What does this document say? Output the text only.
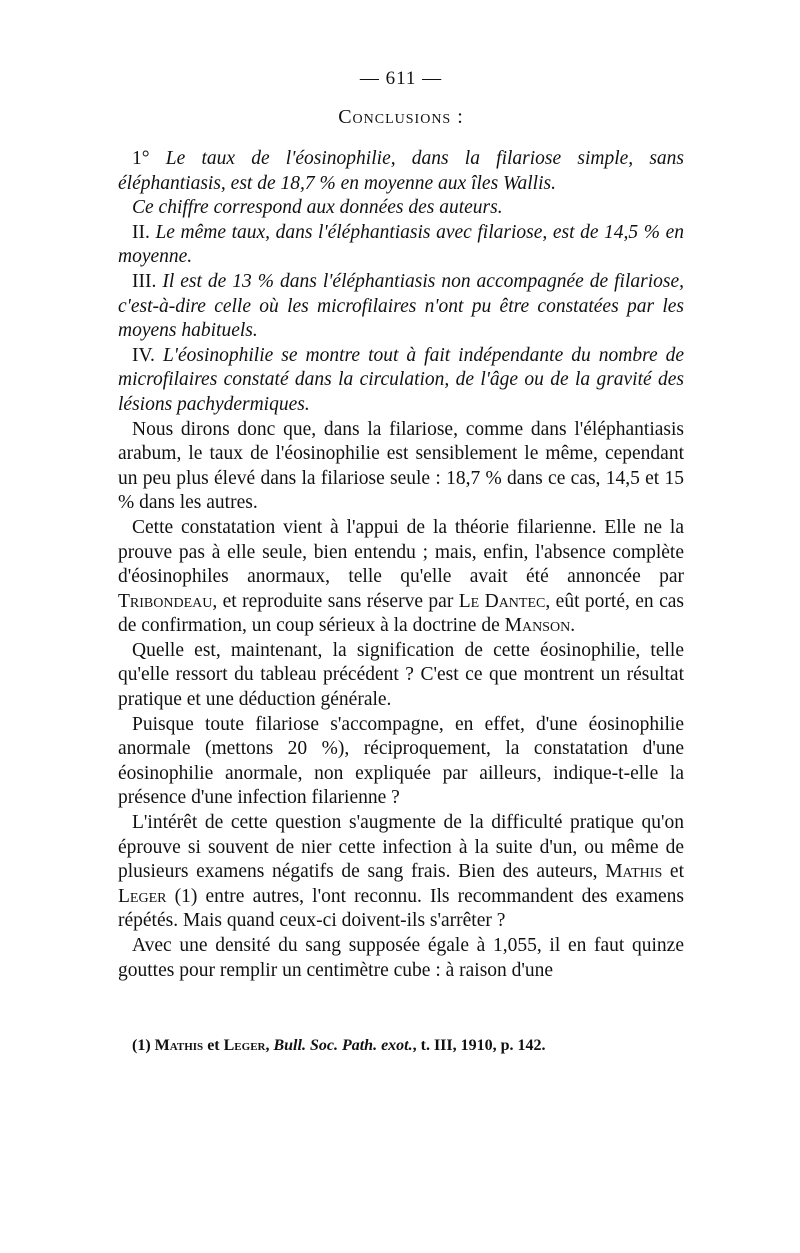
— 611 —
Conclusions :

1° Le taux de l'éosinophilie, dans la filariose simple, sans éléphantiasis, est de 18,7 % en moyenne aux îles Wallis.

Ce chiffre correspond aux données des auteurs.

II. Le même taux, dans l'éléphantiasis avec filariose, est de 14,5 % en moyenne.

III. Il est de 13 % dans l'éléphantiasis non accompagnée de filariose, c'est-à-dire celle où les microfilaires n'ont pu être constatées par les moyens habituels.

IV. L'éosinophilie se montre tout à fait indépendante du nombre de microfilaires constaté dans la circulation, de l'âge ou de la gravité des lésions pachydermiques.

Nous dirons donc que, dans la filariose, comme dans l'éléphantiasis arabum, le taux de l'éosinophilie est sensiblement le même, cependant un peu plus élevé dans la filariose seule : 18,7 % dans ce cas, 14,5 et 15 % dans les autres.

Cette constatation vient à l'appui de la théorie filarienne. Elle ne la prouve pas à elle seule, bien entendu ; mais, enfin, l'absence complète d'éosinophiles anormaux, telle qu'elle avait été annoncée par Tribondeau, et reproduite sans réserve par Le Dantec, eût porté, en cas de confirmation, un coup sérieux à la doctrine de Manson.

Quelle est, maintenant, la signification de cette éosinophilie, telle qu'elle ressort du tableau précédent ? C'est ce que montrent un résultat pratique et une déduction générale.

Puisque toute filariose s'accompagne, en effet, d'une éosinophilie anormale (mettons 20 %), réciproquement, la constatation d'une éosinophilie anormale, non expliquée par ailleurs, indique-t-elle la présence d'une infection filarienne ?

L'intérêt de cette question s'augmente de la difficulté pratique qu'on éprouve si souvent de nier cette infection à la suite d'un, ou même de plusieurs examens négatifs de sang frais. Bien des auteurs, Mathis et Leger (1) entre autres, l'ont reconnu. Ils recommandent des examens répétés. Mais quand ceux-ci doivent-ils s'arrêter ?

Avec une densité du sang supposée égale à 1,055, il en faut quinze gouttes pour remplir un centimètre cube : à raison d'une

(1) Mathis et Leger, Bull. Soc. Path. exot., t. III, 1910, p. 142.
